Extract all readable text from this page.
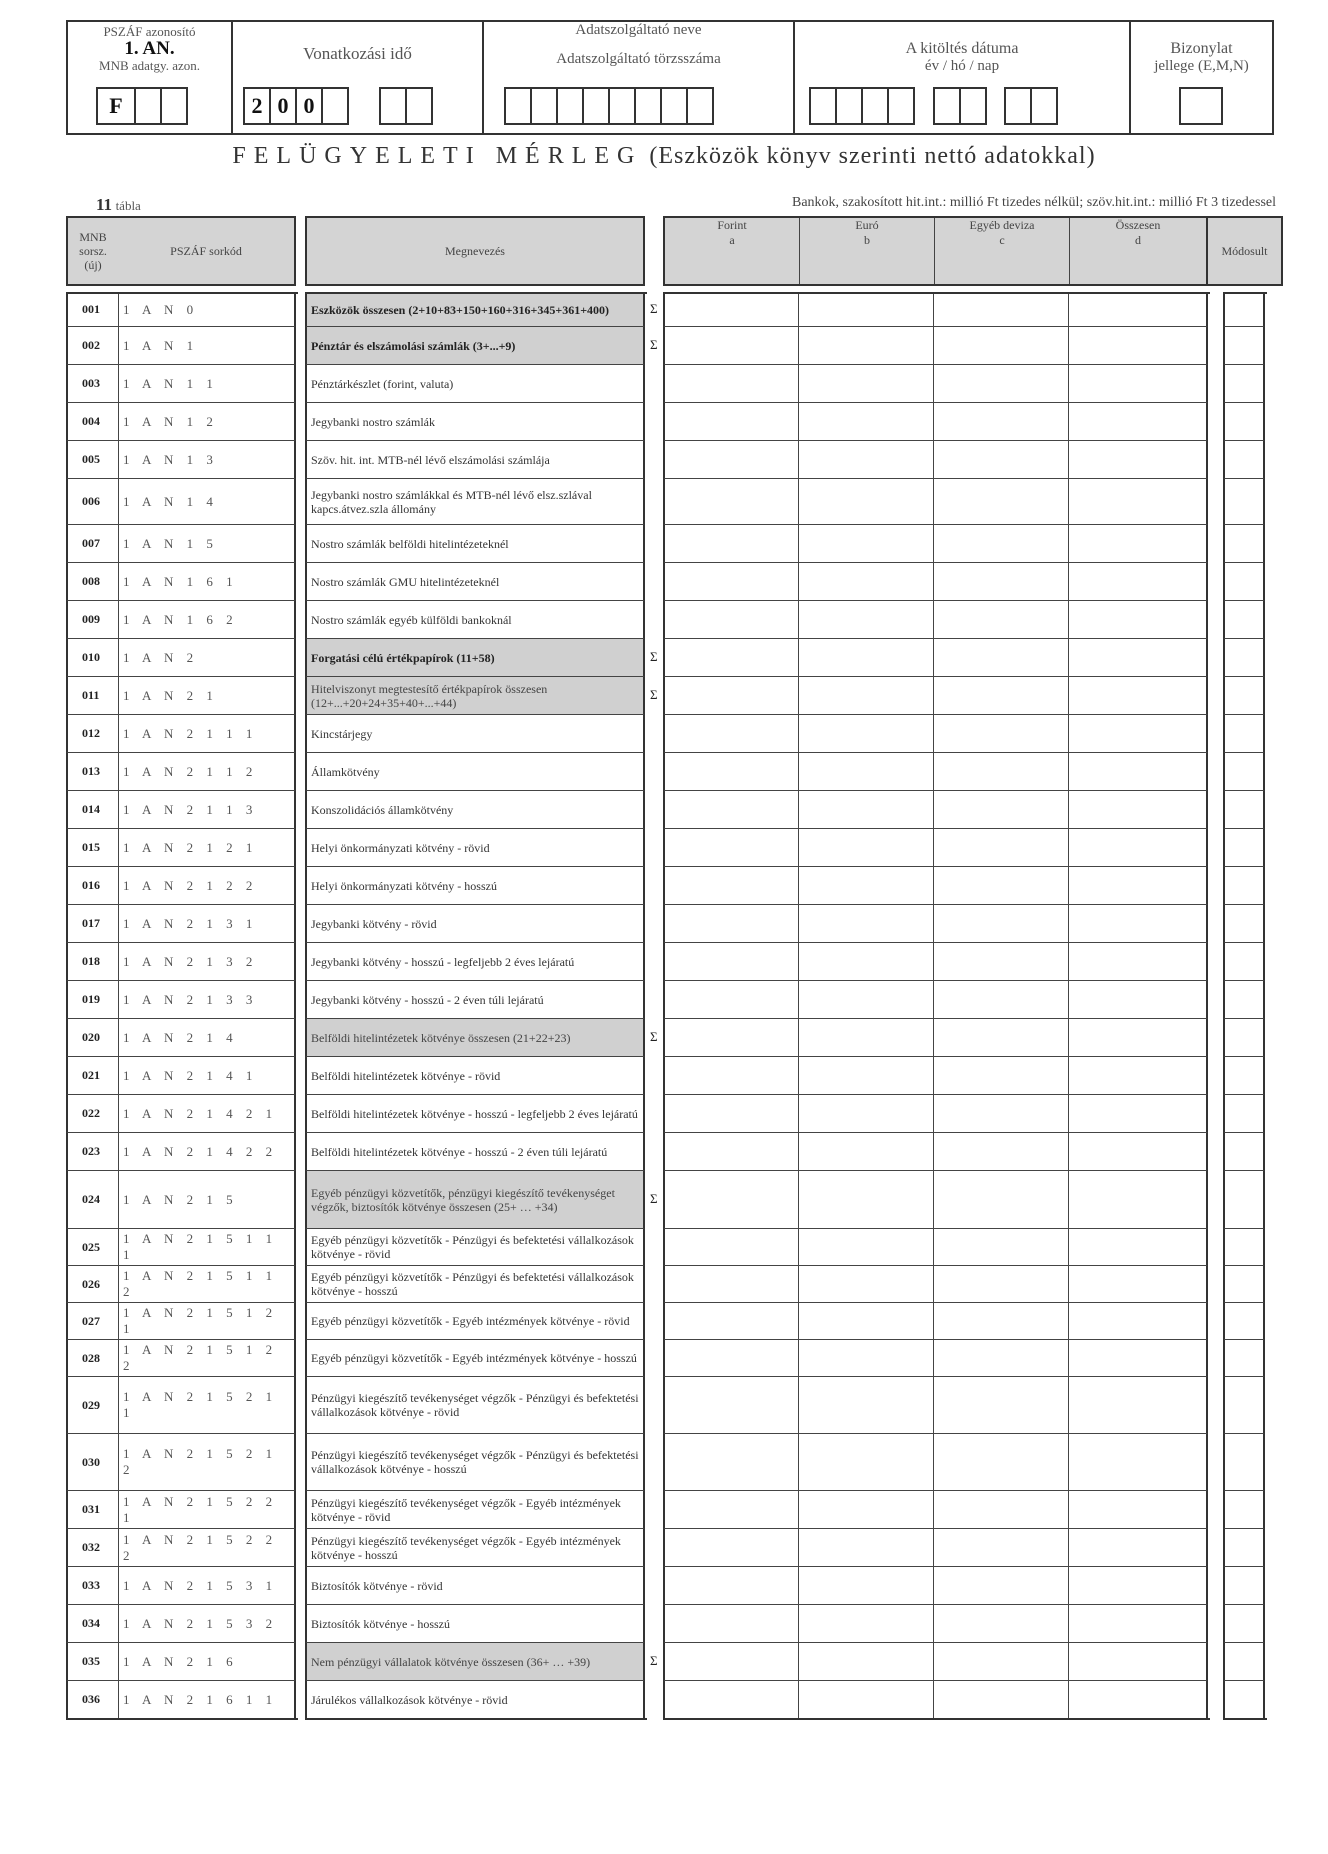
PSZÁF azonosító
1. AN.
MNB adatgy. azon.
F
Vonatkozási idő
2 0 0
Adatszolgáltató neve
Adatszolgáltató törzsszáma
A kitöltés dátuma
év / hó / nap

Bizonylat
jellege (E,M,N)
FELÜGYELETI MÉRLEG (Eszközök könyv szerinti nettó adatokkal)
11 tábla	Bankok, szakosított hit.int.: millió Ft tizedes nélkül; szöv.hit.int.: millió Ft 3 tizedessel
MNB sorsz. (új)
PSZÁF sorkód	Megnevezés
Forint
a
Euró
b
Egyéb deviza
c
Összesen
d
Módosult
001	1 A N 0	Eszközök összesen (2+10+83+150+160+316+345+361+400)	Σ
002	1 A N 1	Pénztár és elszámolási számlák (3+...+9)	Σ
003	1 A N 1 1	Pénztárkészlet (forint, valuta)
004	1 A N 1 2	Jegybanki nostro számlák
005	1 A N 1 3	Szöv. hit. int. MTB-nél lévő elszámolási számlája
006	1 A N 1 4	Jegybanki nostro számlákkal és MTB-nél lévő elsz.szlával kapcs.átvez.szla állomány
007	1 A N 1 5	Nostro számlák belföldi hitelintézeteknél
008	1 A N 1 6 1	Nostro számlák GMU hitelintézeteknél
009	1 A N 1 6 2	Nostro számlák egyéb külföldi bankoknál
010	1 A N 2	Forgatási célú értékpapírok (11+58)	Σ
011	1 A N 2 1	Hitelviszonyt megtestesítő értékpapírok összesen (12+...+20+24+35+40+...+44)
Σ
012	1 A N 2 1 1 1	Kincstárjegy
013	1 A N 2 1 1 2	Államkötvény
014	1 A N 2 1 1 3	Konszolidációs államkötvény
015	1 A N 2 1 2 1	Helyi önkormányzati kötvény - rövid
016	1 A N 2 1 2 2	Helyi önkormányzati kötvény - hosszú
017	1 A N 2 1 3 1	Jegybanki kötvény - rövid
018	1 A N 2 1 3 2	Jegybanki kötvény - hosszú - legfeljebb 2 éves lejáratú
019	1 A N 2 1 3 3	Jegybanki kötvény - hosszú - 2 éven túli lejáratú
020	1 A N 2 1 4	Belföldi hitelintézetek kötvénye összesen (21+22+23)	Σ
021	1 A N 2 1 4 1	Belföldi hitelintézetek kötvénye - rövid
022	1 A N 2 1 4 2 1	Belföldi hitelintézetek kötvénye - hosszú - legfeljebb 2 éves lejáratú
023	1 A N 2 1 4 2 2	Belföldi hitelintézetek kötvénye - hosszú - 2 éven túli lejáratú
024	1 A N 2 1 5	Egyéb pénzügyi közvetítők, pénzügyi kiegészítő tevékenységet végzők, biztosítók kötvénye összesen (25+ … +34)
Σ
025
1 A N 2 1 5 1 1 1
Egyéb pénzügyi közvetítők - Pénzügyi és befektetési vállalkozások kötvénye - rövid
026
1 A N 2 1 5 1 1 2
Egyéb pénzügyi közvetítők - Pénzügyi és befektetési vállalkozások kötvénye - hosszú
027
1 A N 2 1 5 1 2 1	Egyéb pénzügyi közvetítők - Egyéb intézmények kötvénye - rövid
028
1 A N 2 1 5 1 2 2	Egyéb pénzügyi közvetítők - Egyéb intézmények kötvénye - hosszú
029
1 A N 2 1 5 2 1 1
Pénzügyi kiegészítő tevékenységet végzők - Pénzügyi és befektetési vállalkozások kötvénye - rövid
030
1 A N 2 1 5 2 1 2
Pénzügyi kiegészítő tevékenységet végzők - Pénzügyi és befektetési vállalkozások kötvénye - hosszú
031
1 A N 2 1 5 2 2 1
Pénzügyi kiegészítő tevékenységet végzők - Egyéb intézmények kötvénye - rövid
032
1 A N 2 1 5 2 2 2
Pénzügyi kiegészítő tevékenységet végzők - Egyéb intézmények kötvénye - hosszú
033	1 A N 2 1 5 3 1	Biztosítók kötvénye - rövid
034	1 A N 2 1 5 3 2	Biztosítók kötvénye - hosszú
035	1 A N 2 1 6	Nem pénzügyi vállalatok kötvénye összesen (36+ … +39)	Σ
036	1 A N 2 1 6 1 1	Járulékos vállalkozások kötvénye - rövid
